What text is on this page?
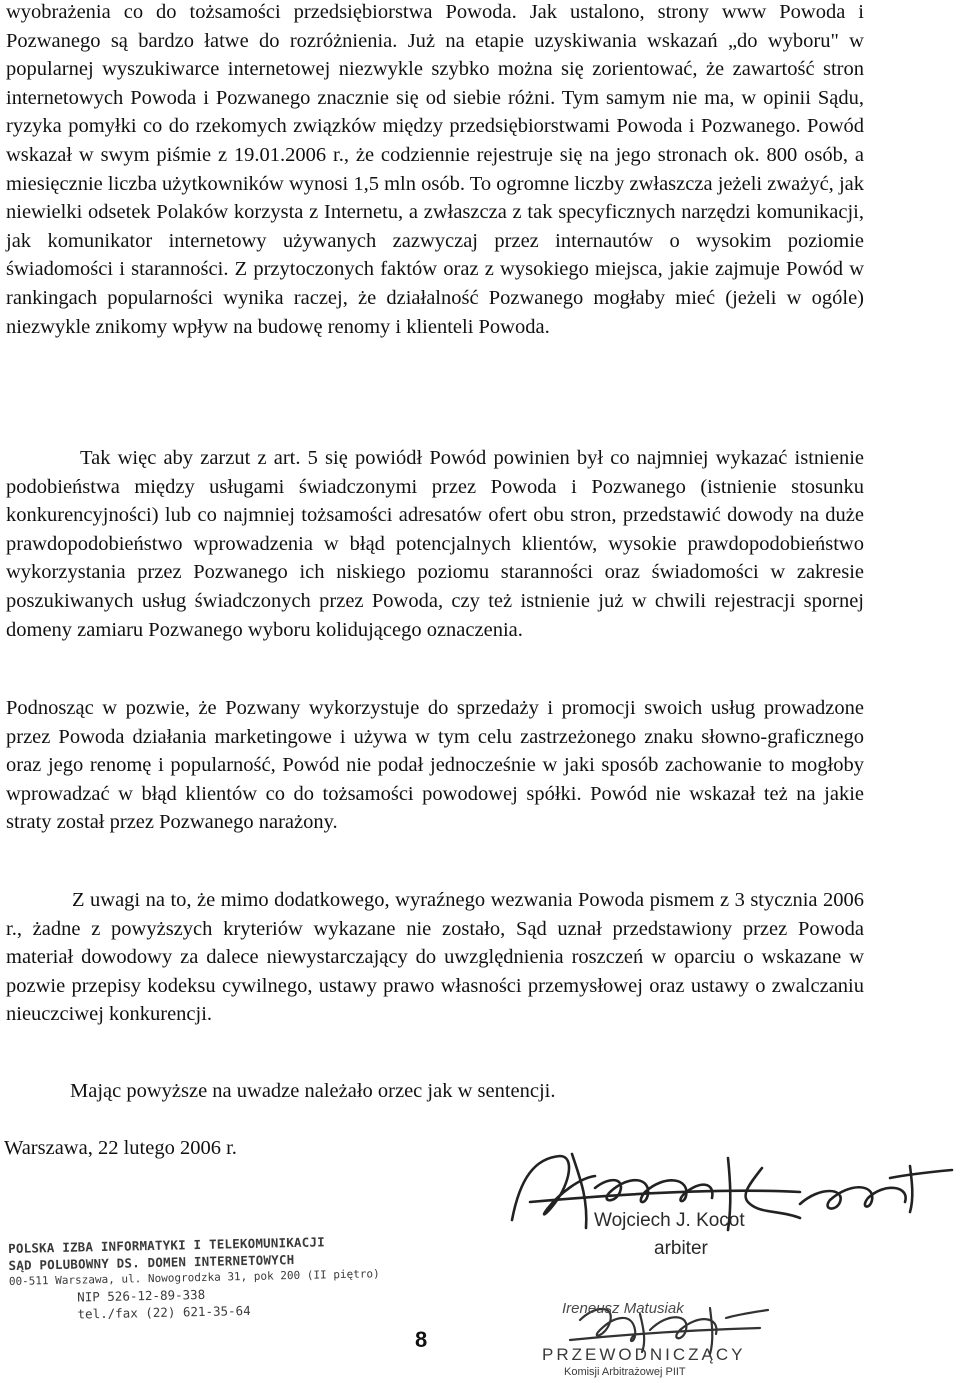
wyobrażenia co do tożsamości przedsiębiorstwa Powoda. Jak ustalono, strony www Powoda i Pozwanego są bardzo łatwe do rozróżnienia. Już na etapie uzyskiwania wskazań „do wyboru" w popularnej wyszukiwarce internetowej niezwykle szybko można się zorientować, że zawartość stron internetowych Powoda i Pozwanego znacznie się od siebie różni. Tym samym nie ma, w opinii Sądu, ryzyka pomyłki co do rzekomych związków między przedsiębiorstwami Powoda i Pozwanego. Powód wskazał w swym piśmie z 19.01.2006 r., że codziennie rejestruje się na jego stronach ok. 800 osób, a miesięcznie liczba użytkowników wynosi 1,5 mln osób. To ogromne liczby zwłaszcza jeżeli zważyć, jak niewielki odsetek Polaków korzysta z Internetu, a zwłaszcza z tak specyficznych narzędzi komunikacji, jak komunikator internetowy używanych zazwyczaj przez internautów o wysokim poziomie świadomości i staranności. Z przytoczonych faktów oraz z wysokiego miejsca, jakie zajmuje Powód w rankingach popularności wynika raczej, że działalność Pozwanego mogłaby mieć (jeżeli w ogóle) niezwykle znikomy wpływ na budowę renomy i klienteli Powoda.

Tak więc aby zarzut z art. 5 się powiódł Powód powinien był co najmniej wykazać istnienie podobieństwa między usługami świadczonymi przez Powoda i Pozwanego (istnienie stosunku konkurencyjności) lub co najmniej tożsamości adresatów ofert obu stron, przedstawić dowody na duże prawdopodobieństwo wprowadzenia w błąd potencjalnych klientów, wysokie prawdopodobieństwo wykorzystania przez Pozwanego ich niskiego poziomu staranności oraz świadomości w zakresie poszukiwanych usług świadczonych przez Powoda, czy też istnienie już w chwili rejestracji spornej domeny zamiaru Pozwanego wyboru kolidującego oznaczenia.

Podnosząc w pozwie, że Pozwany wykorzystuje do sprzedaży i promocji swoich usług prowadzone przez Powoda działania marketingowe i używa w tym celu zastrzeżonego znaku słowno-graficznego oraz jego renomę i popularność, Powód nie podał jednocześnie w jaki sposób zachowanie to mogłoby wprowadzać w błąd klientów co do tożsamości powodowej spółki. Powód nie wskazał też na jakie straty został przez Pozwanego narażony.

Z uwagi na to, że mimo dodatkowego, wyraźnego wezwania Powoda pismem z 3 stycznia 2006 r., żadne z powyższych kryteriów wykazane nie zostało, Sąd uznał przedstawiony przez Powoda materiał dowodowy za dalece niewystarczający do uwzględnienia roszczeń w oparciu o wskazane w pozwie przepisy kodeksu cywilnego, ustawy prawo własności przemysłowej oraz ustawy o zwalczaniu nieuczciwej konkurencji.

Mając powyższe na uwadze należało orzec jak w sentencji.

Warszawa, 22 lutego 2006 r.

Wojciech J. Kocot
arbiter
POLSKA IZBA INFORMATYKI I TELEKOMUNIKACJI
SĄD POLUBOWNY DS. DOMEN INTERNETOWYCH
00-511 Warszawa, ul. Nowogrodzka 31, pok 200 (II piętro)
NIP 526-12-89-338
tel./fax (22) 621-35-64
8
Ireneusz Matusiak
PRZEWODNICZĄCY
Komisji Arbitrażowej PIIT
